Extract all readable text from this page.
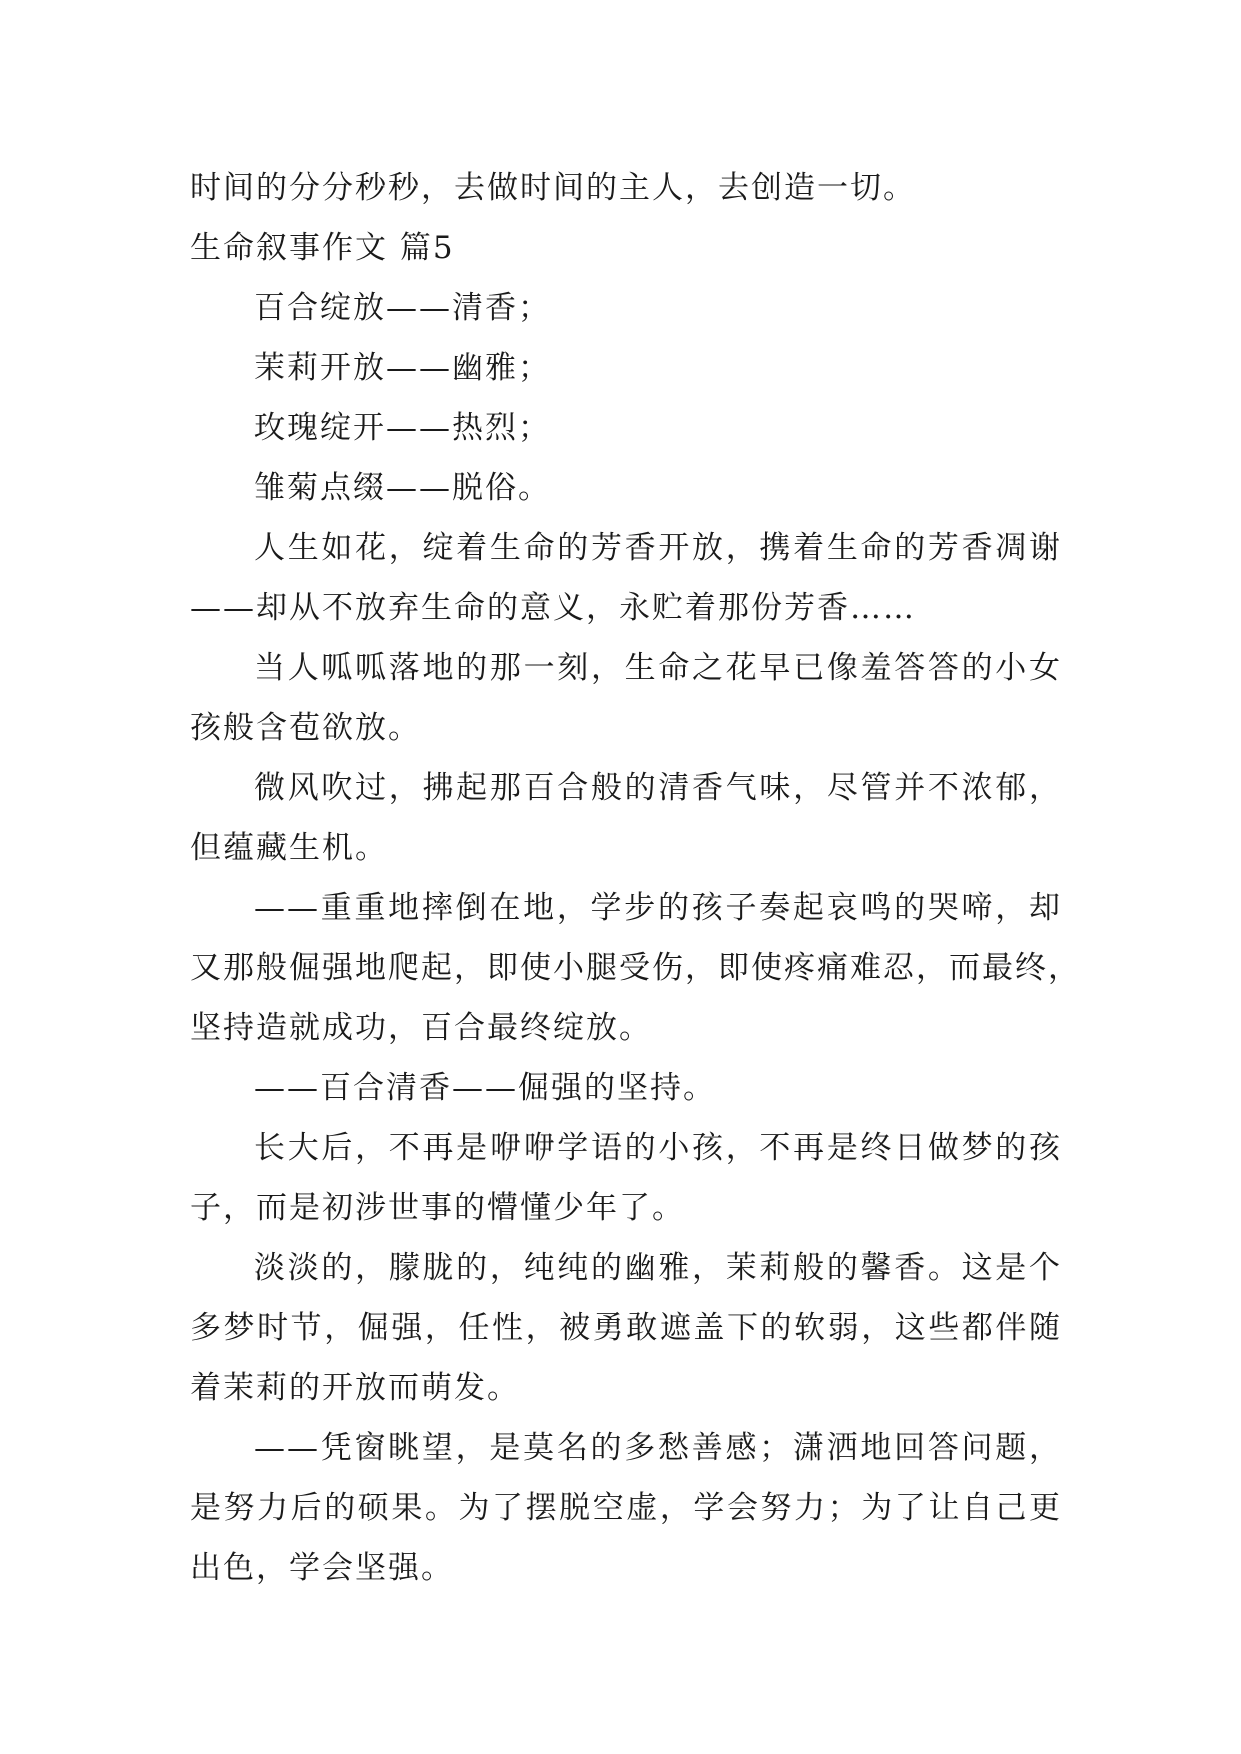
时间的分分秒秒，去做时间的主人，去创造一切。

生命叙事作文 篇5

百合绽放——清香；

茉莉开放——幽雅；

玫瑰绽开——热烈；

雏菊点缀——脱俗。

人生如花，绽着生命的芳香开放，携着生命的芳香凋谢

——却从不放弃生命的意义，永贮着那份芳香……

当人呱呱落地的那一刻，生命之花早已像羞答答的小女

孩般含苞欲放。

微风吹过，拂起那百合般的清香气味，尽管并不浓郁，

但蕴藏生机。

——重重地摔倒在地，学步的孩子奏起哀鸣的哭啼，却

又那般倔强地爬起，即使小腿受伤，即使疼痛难忍，而最终，

坚持造就成功，百合最终绽放。

——百合清香——倔强的坚持。

长大后，不再是咿咿学语的小孩，不再是终日做梦的孩

子，而是初涉世事的懵懂少年了。

淡淡的，朦胧的，纯纯的幽雅，茉莉般的馨香。这是个

多梦时节，倔强，任性，被勇敢遮盖下的软弱，这些都伴随

着茉莉的开放而萌发。

——凭窗眺望，是莫名的多愁善感；潇洒地回答问题，

是努力后的硕果。为了摆脱空虚，学会努力；为了让自己更

出色，学会坚强。
